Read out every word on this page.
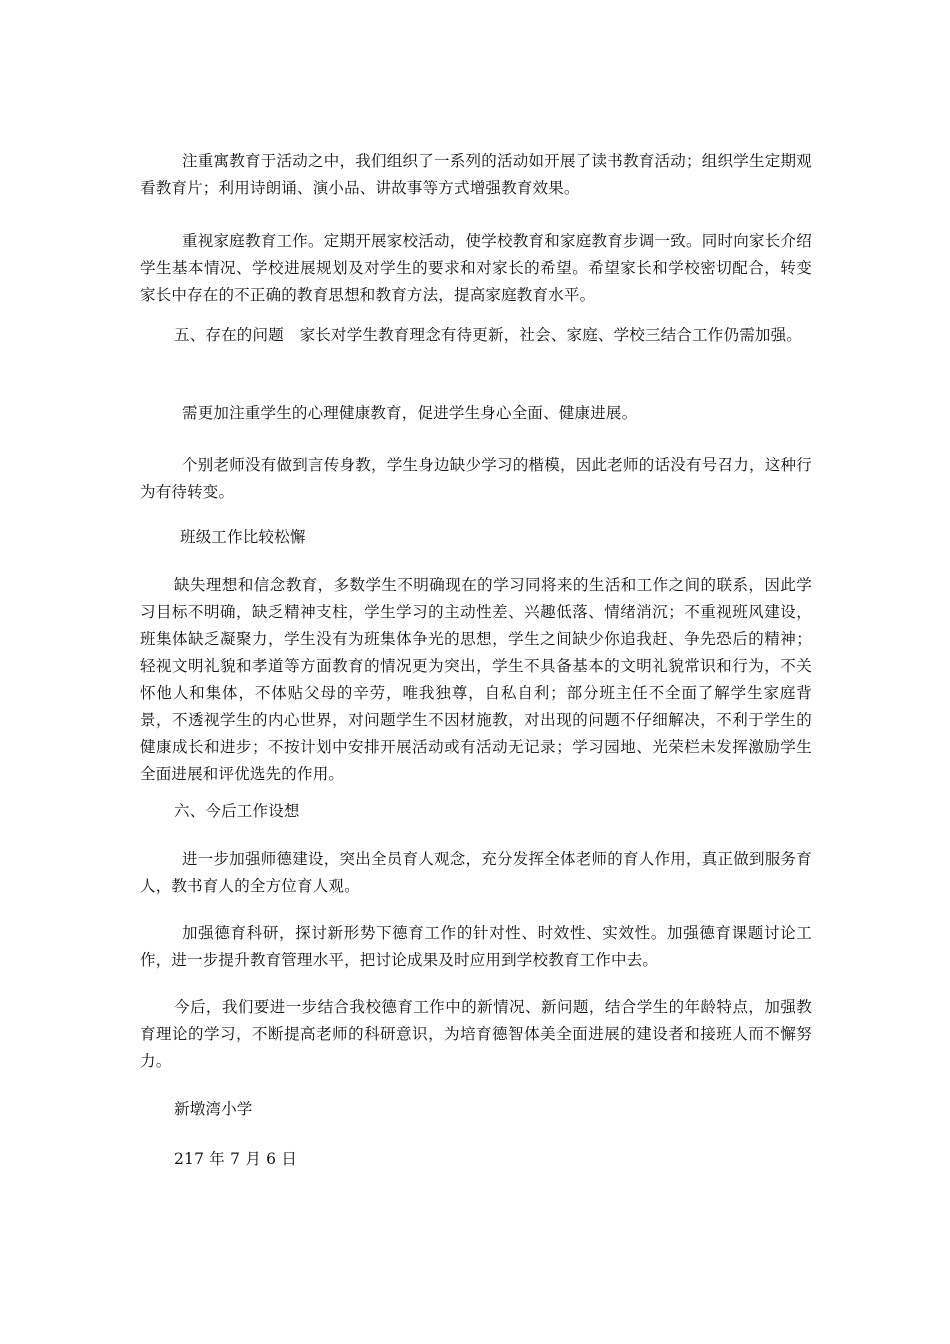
注重寓教育于活动之中，我们组织了一系列的活动如开展了读书教育活动；组织学生定期观看教育片；利用诗朗诵、演小品、讲故事等方式增强教育效果。

重视家庭教育工作。定期开展家校活动，使学校教育和家庭教育步调一致。同时向家长介绍学生基本情况、学校进展规划及对学生的要求和对家长的希望。希望家长和学校密切配合，转变家长中存在的不正确的教育思想和教育方法，提高家庭教育水平。

五、存在的问题　家长对学生教育理念有待更新，社会、家庭、学校三结合工作仍需加强。

需更加注重学生的心理健康教育，促进学生身心全面、健康进展。

个别老师没有做到言传身教，学生身边缺少学习的楷模，因此老师的话没有号召力，这种行为有待转变。

班级工作比较松懈

缺失理想和信念教育，多数学生不明确现在的学习同将来的生活和工作之间的联系，因此学习目标不明确，缺乏精神支柱，学生学习的主动性差、兴趣低落、情绪消沉；不重视班风建设，班集体缺乏凝聚力，学生没有为班集体争光的思想，学生之间缺少你追我赶、争先恐后的精神；轻视文明礼貌和孝道等方面教育的情况更为突出，学生不具备基本的文明礼貌常识和行为，不关怀他人和集体，不体贴父母的辛劳，唯我独尊，自私自利；部分班主任不全面了解学生家庭背景，不透视学生的内心世界，对问题学生不因材施教，对出现的问题不仔细解决，不利于学生的健康成长和进步；不按计划中安排开展活动或有活动无记录；学习园地、光荣栏未发挥激励学生全面进展和评优选先的作用。

六、今后工作设想

进一步加强师德建设，突出全员育人观念，充分发挥全体老师的育人作用，真正做到服务育人，教书育人的全方位育人观。

加强德育科研，探讨新形势下德育工作的针对性、时效性、实效性。加强德育课题讨论工作，进一步提升教育管理水平，把讨论成果及时应用到学校教育工作中去。

今后，我们要进一步结合我校德育工作中的新情况、新问题，结合学生的年龄特点，加强教育理论的学习，不断提高老师的科研意识，为培育德智体美全面进展的建设者和接班人而不懈努力。

新墩湾小学

217 年 7 月 6 日
